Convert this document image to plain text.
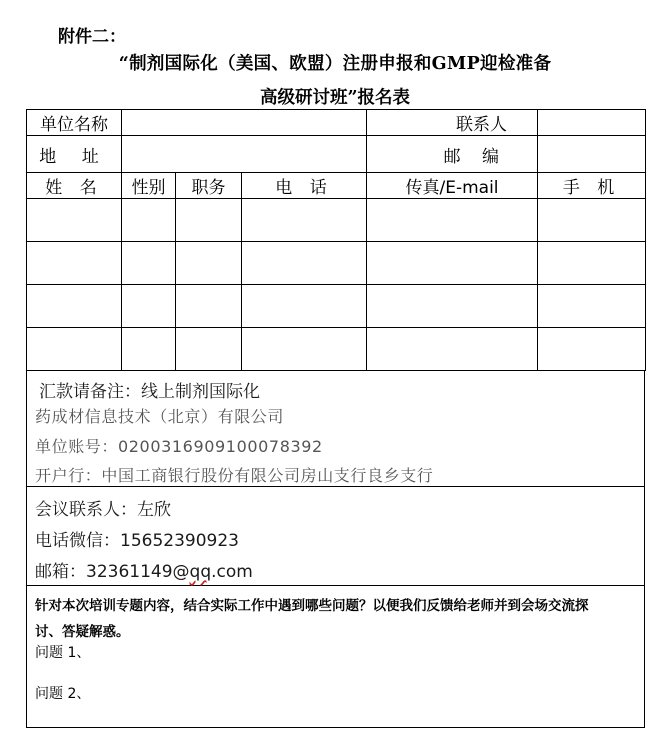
附件二：
“制剂国际化（美国、欧盟）注册申报和GMP迎检准备
高级研讨班”报名表
单位名称				联系人	
地 址				邮 编	
姓 名	性别	职务	电 话	传真/E-mail	手 机

汇款请备注：线上制剂国际化
药成材信息技术（北京）有限公司
单位账号：0200316909100078392
开户行：中国工商银行股份有限公司房山支行良乡支行
会议联系人：左欣
电话微信：15652390923
邮箱：32361149@qq.com
针对本次培训专题内容，结合实际工作中遇到哪些问题？以便我们反馈给老师并到会场交流探
讨、答疑解惑。
问题 1、
问题 2、
